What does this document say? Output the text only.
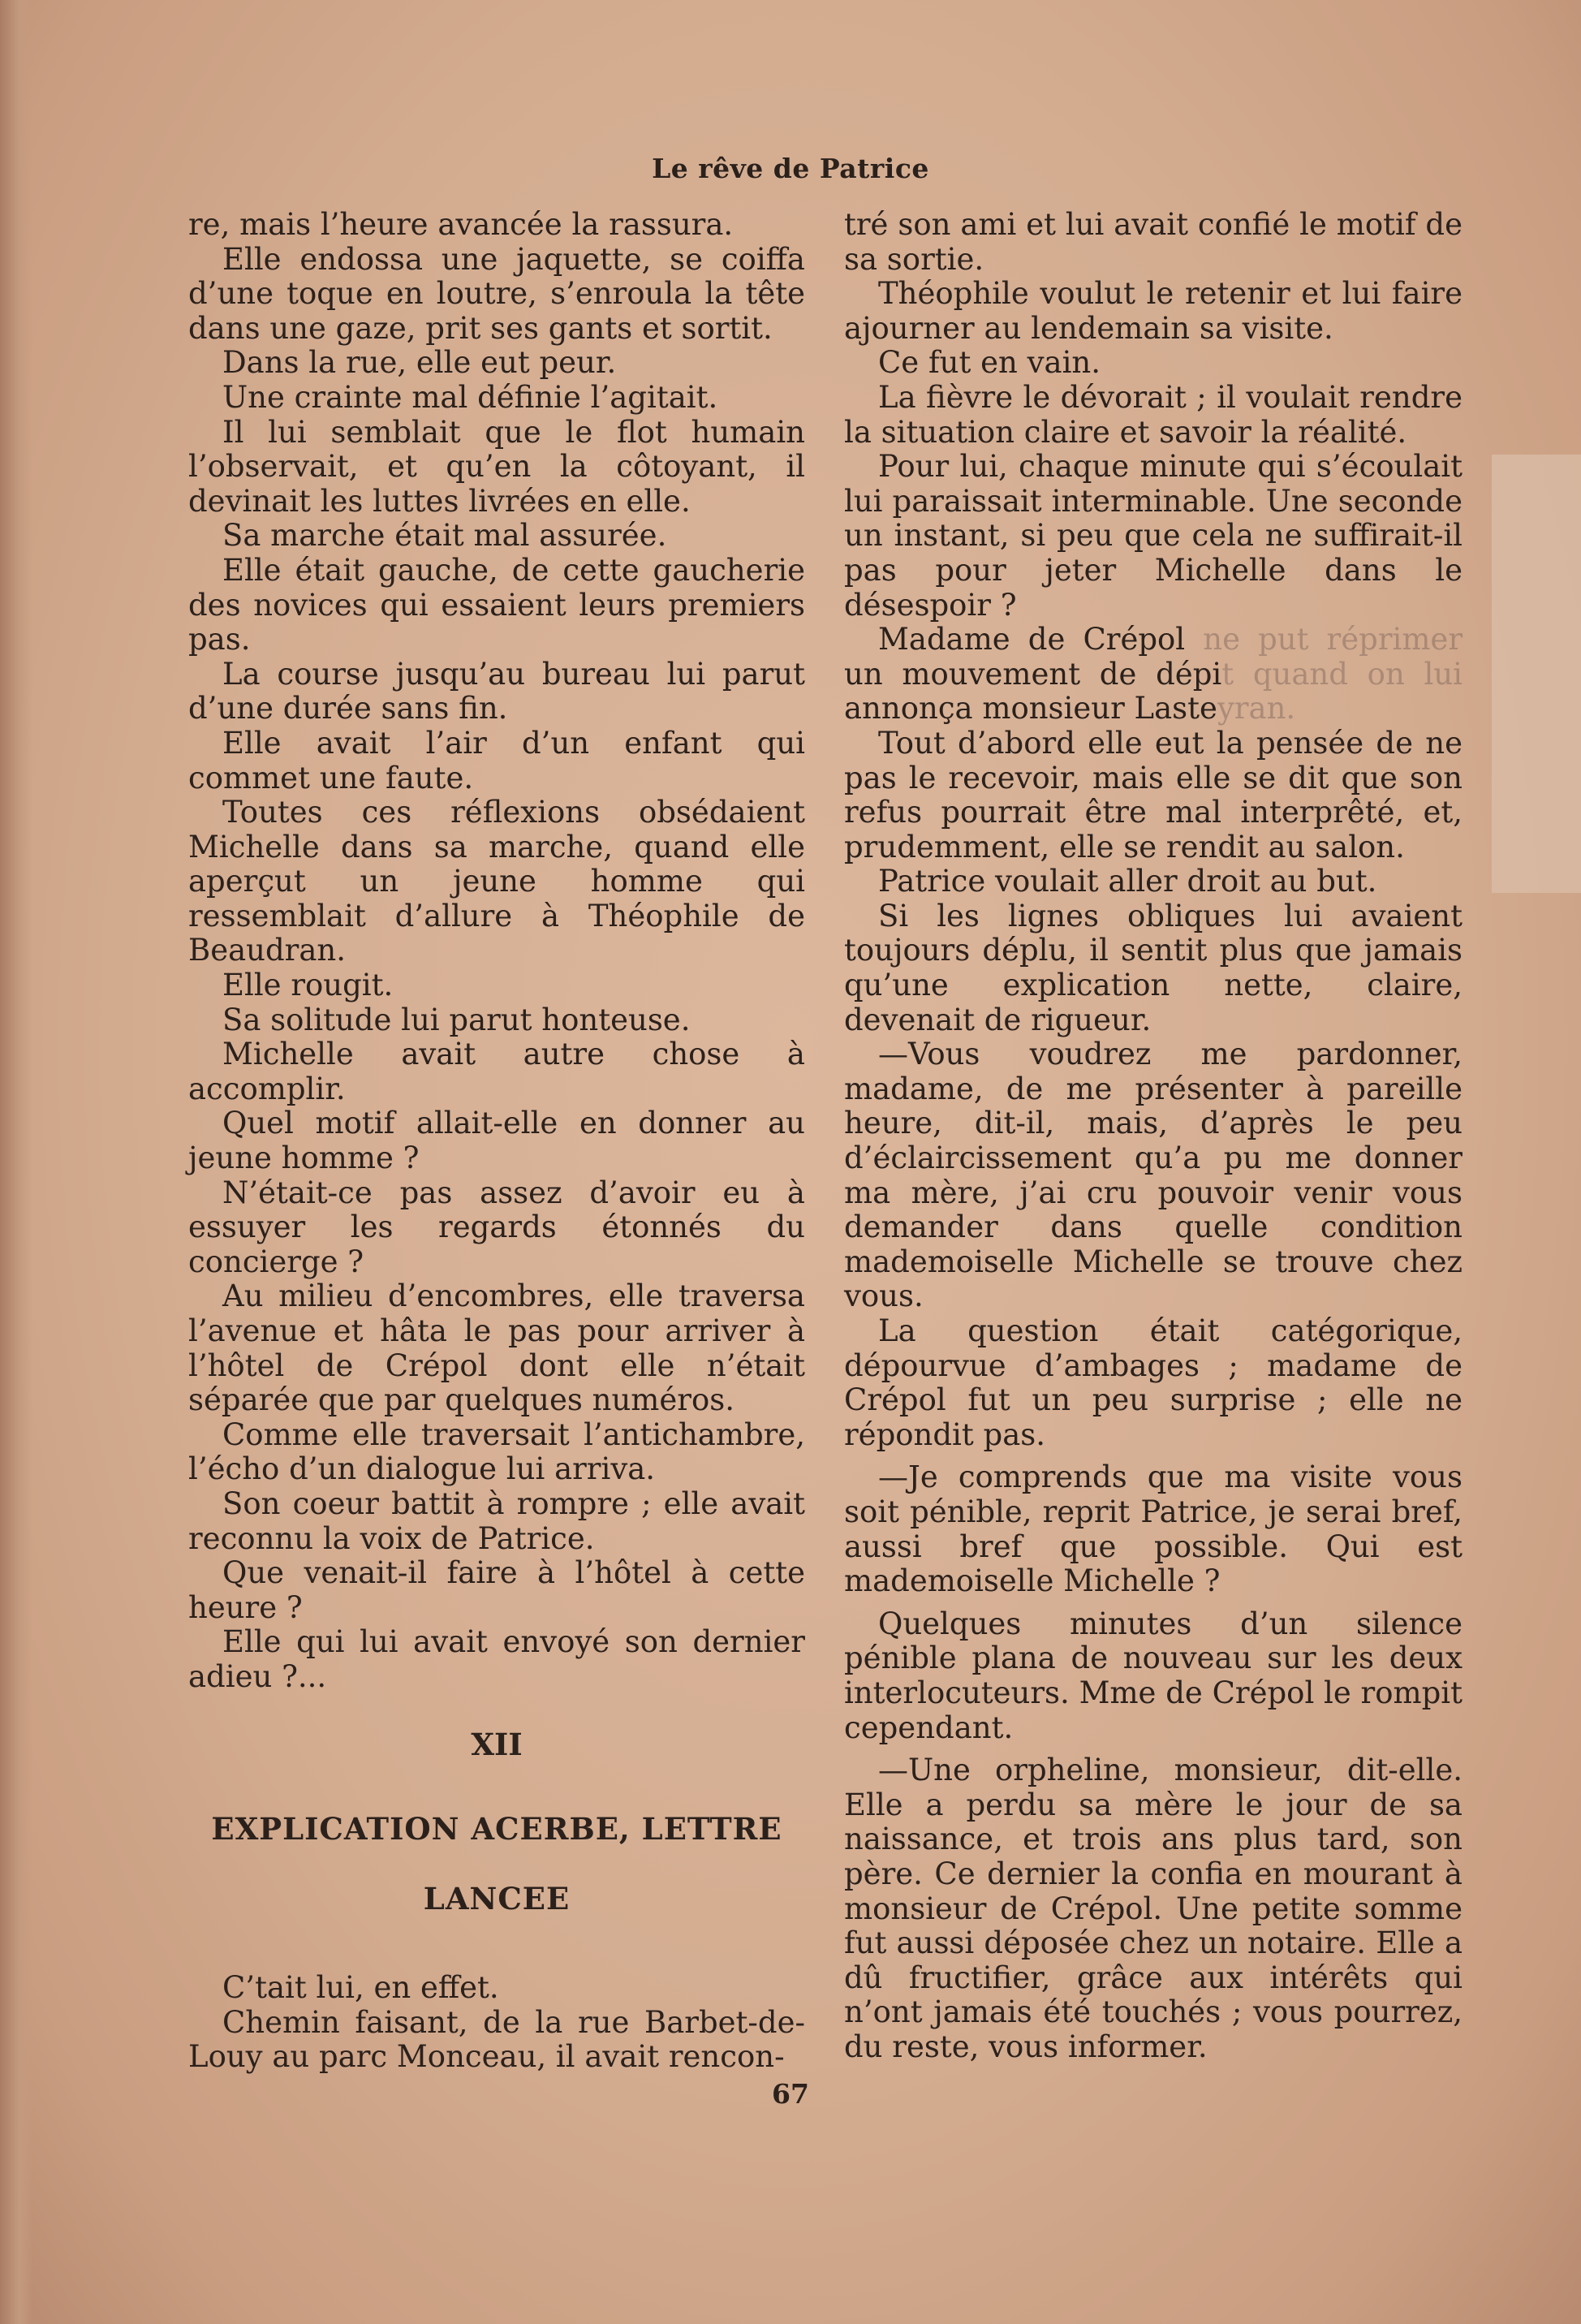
Le rêve de Patrice

re, mais l’heure avancée la rassura.

Elle endossa une jaquette, se coiffa d’une toque en loutre, s’enroula la tête dans une gaze, prit ses gants et sortit.

Dans la rue, elle eut peur.

Une crainte mal définie l’agitait.

Il lui semblait que le flot humain l’observait, et qu’en la côtoyant, il devinait les luttes livrées en elle.

Sa marche était mal assurée.

Elle était gauche, de cette gaucherie des novices qui essaient leurs premiers pas.

La course jusqu’au bureau lui parut d’une durée sans fin.

Elle avait l’air d’un enfant qui commet une faute.

Toutes ces réflexions obsédaient Michelle dans sa marche, quand elle aperçut un jeune homme qui ressemblait d’allure à Théophile de Beaudran.

Elle rougit.

Sa solitude lui parut honteuse.

Michelle avait autre chose à accomplir.

Quel motif allait-elle en donner au jeune homme ?

N’était-ce pas assez d’avoir eu à essuyer les regards étonnés du concierge ?

Au milieu d’encombres, elle traversa l’avenue et hâta le pas pour arriver à l’hôtel de Crépol dont elle n’était séparée que par quelques numéros.

Comme elle traversait l’antichambre, l’écho d’un dialogue lui arriva.

Son coeur battit à rompre ; elle avait reconnu la voix de Patrice.

Que venait-il faire à l’hôtel à cette heure ?

Elle qui lui avait envoyé son dernier adieu ?...

XII
EXPLICATION ACERBE, LETTRE LANCEE

C’tait lui, en effet.

Chemin faisant, de la rue Barbet-de-Louy au parc Monceau, il avait rencon-

tré son ami et lui avait confié le motif de sa sortie.

Théophile voulut le retenir et lui faire ajourner au lendemain sa visite.

Ce fut en vain.

La fièvre le dévorait ; il voulait rendre la situation claire et savoir la réalité.

Pour lui, chaque minute qui s’écoulait lui paraissait interminable. Une seconde un instant, si peu que cela ne suffirait-il pas pour jeter Michelle dans le désespoir ?

Madame de Crépol ne put réprimer un mouvement de dépit quand on lui annonça monsieur Lasteyran.

Tout d’abord elle eut la pensée de ne pas le recevoir, mais elle se dit que son refus pourrait être mal interprêté, et, prudemment, elle se rendit au salon.

Patrice voulait aller droit au but.

Si les lignes obliques lui avaient toujours déplu, il sentit plus que jamais qu’une explication nette, claire, devenait de rigueur.

—Vous voudrez me pardonner, madame, de me présenter à pareille heure, dit-il, mais, d’après le peu d’éclaircissement qu’a pu me donner ma mère, j’ai cru pouvoir venir vous demander dans quelle condition mademoiselle Michelle se trouve chez vous.

La question était catégorique, dépourvue d’ambages ; madame de Crépol fut un peu surprise ; elle ne répondit pas.

—Je comprends que ma visite vous soit pénible, reprit Patrice, je serai bref, aussi bref que possible. Qui est mademoiselle Michelle ?

Quelques minutes d’un silence pénible plana de nouveau sur les deux interlocuteurs. Mme de Crépol le rompit cependant.

—Une orpheline, monsieur, dit-elle. Elle a perdu sa mère le jour de sa naissance, et trois ans plus tard, son père. Ce dernier la confia en mourant à monsieur de Crépol. Une petite somme fut aussi déposée chez un notaire. Elle a dû fructifier, grâce aux intérêts qui n’ont jamais été touchés ; vous pourrez, du reste, vous informer.

67
